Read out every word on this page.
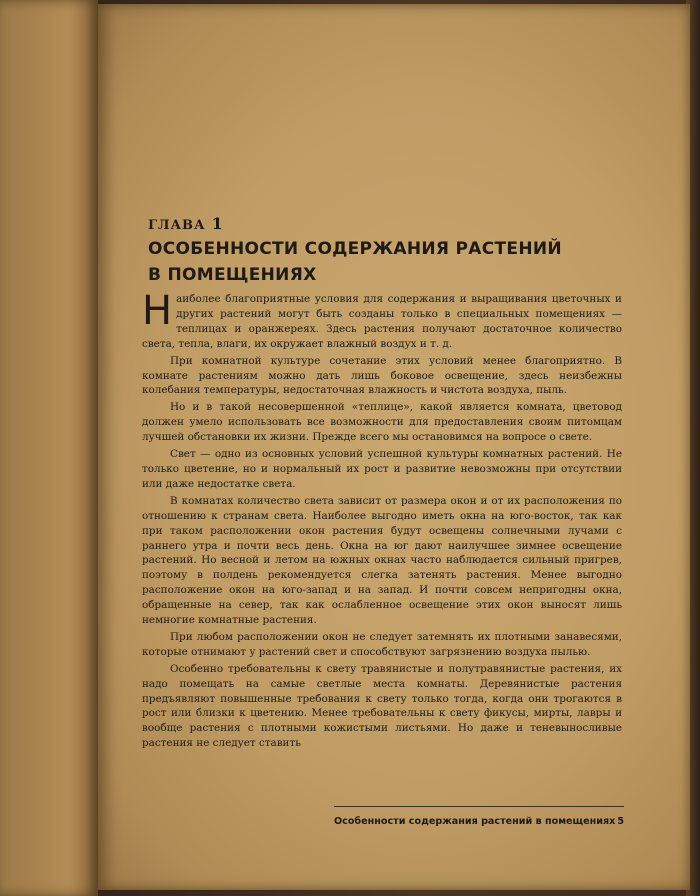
ГЛАВА 1
ОСОБЕННОСТИ СОДЕРЖАНИЯ РАСТЕНИЙ
В ПОМЕЩЕНИЯХ

Наиболее благоприятные условия для содержания и выращивания цветочных и других растений могут быть созданы только в специальных помещениях — теплицах и оранжереях. Здесь растения получают достаточное количество света, тепла, влаги, их окружает влажный воздух и т. д.

При комнатной культуре сочетание этих условий менее благоприятно. В комнате растениям можно дать лишь боковое освещение, здесь неизбежны колебания температуры, недостаточная влажность и чистота воздуха, пыль.

Но и в такой несовершенной «теплице», какой является комната, цветовод должен умело использовать все возможности для предоставления своим питомцам лучшей обстановки их жизни. Прежде всего мы остановимся на вопросе о свете.

Свет — одно из основных условий успешной культуры комнатных растений. Не только цветение, но и нормальный их рост и развитие невозможны при отсутствии или даже недостатке света.

В комнатах количество света зависит от размера окон и от их расположения по отношению к странам света. Наиболее выгодно иметь окна на юго-восток, так как при таком расположении окон растения будут освещены солнечными лучами с раннего утра и почти весь день. Окна на юг дают наилучшее зимнее освещение растений. Но весной и летом на южных окнах часто наблюдается сильный пригрев, поэтому в полдень рекомендуется слегка затенять растения. Менее выгодно расположение окон на юго-запад и на запад. И почти совсем непригодны окна, обращенные на север, так как ослабленное освещение этих окон выносят лишь немногие комнатные растения.

При любом расположении окон не следует затемнять их плотными занавесями, которые отнимают у растений свет и способствуют загрязнению воздуха пылью.

Особенно требовательны к свету травянистые и полутравянистые растения, их надо помещать на самые светлые места комнаты. Деревянистые растения предъявляют повышенные требования к свету только тогда, когда они трогаются в рост или близки к цветению. Менее требовательны к свету фикусы, мирты, лавры и вообще растения с плотными кожистыми листьями. Но даже и теневыносливые растения не следует ставить

Особенности содержания растений в помещениях 5
